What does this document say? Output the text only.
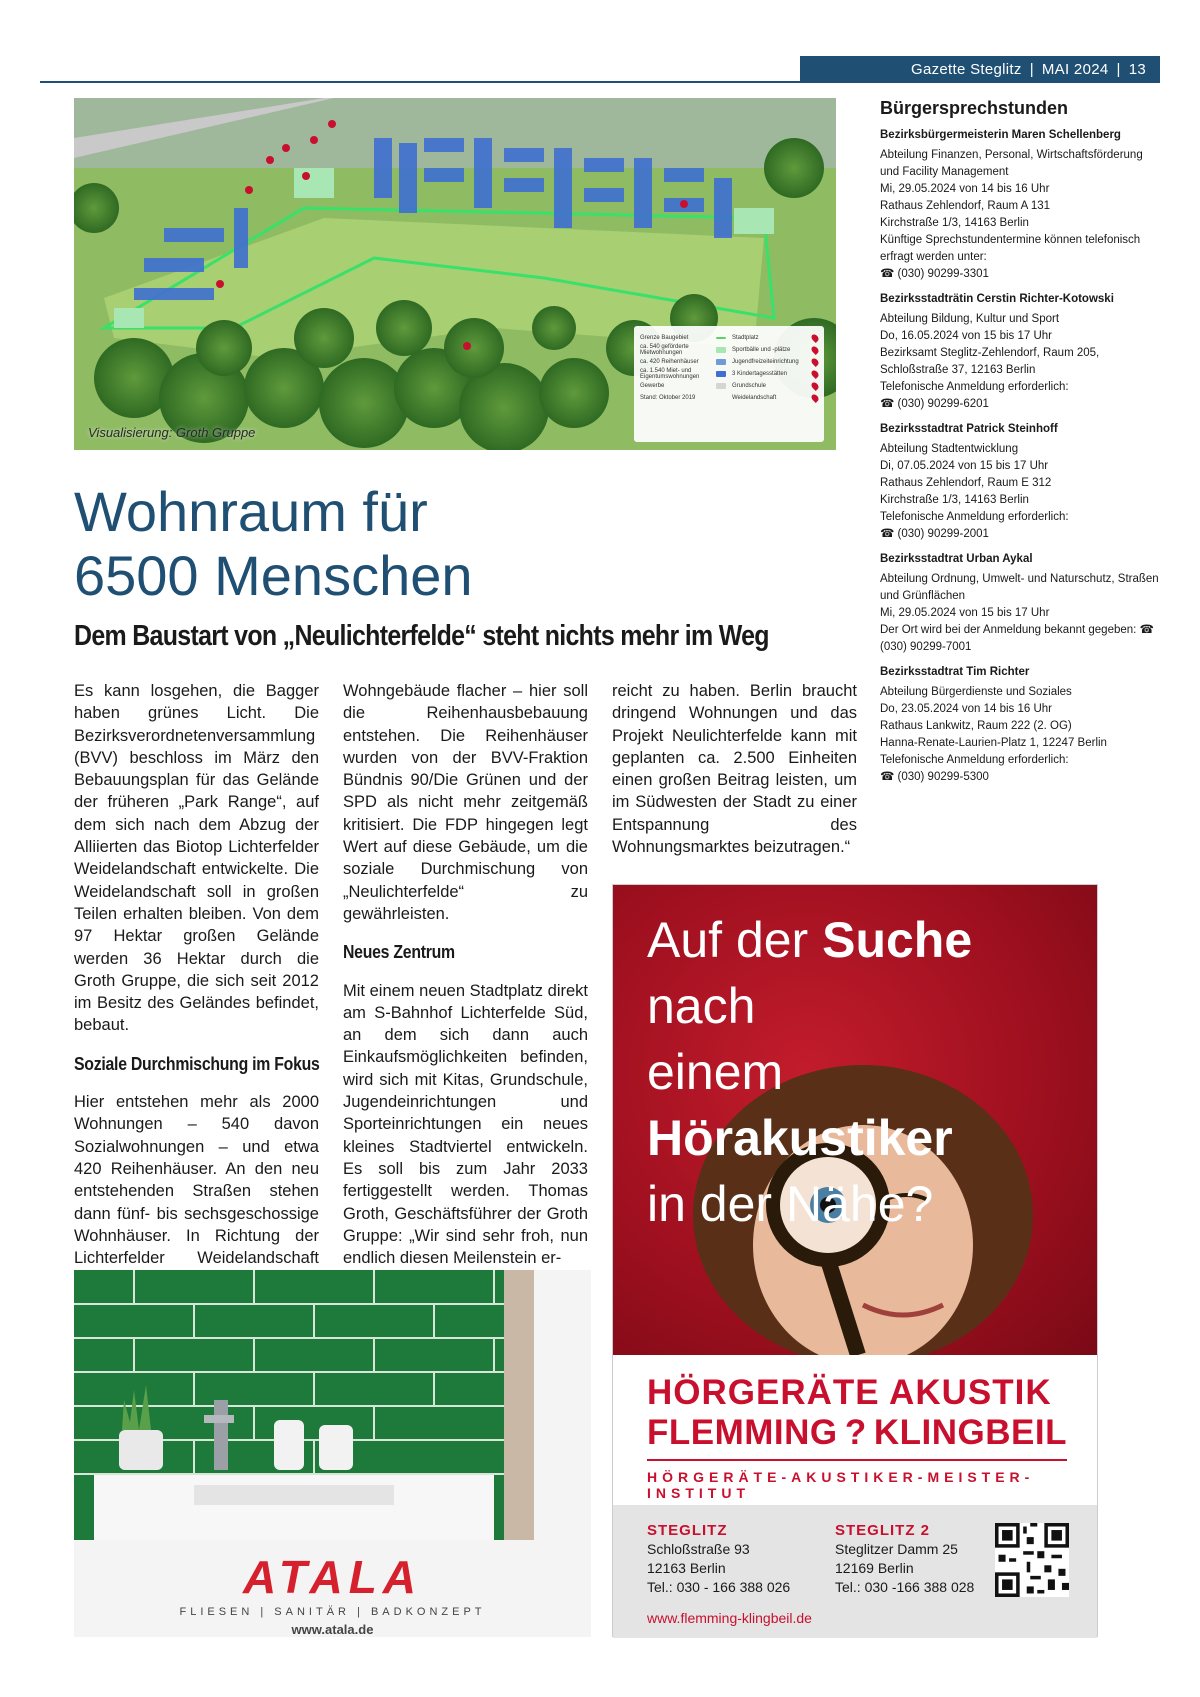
Gazette Steglitz | MAI 2024 | 13
Grenze Baugebiet
ca. 540 geförderte Mietwohnungen
ca. 420 Reihenhäuser
ca. 1.540 Miet- und Eigentumswohnungen
Gewerbe
Stand: Oktober 2019
Stadtplatz
Sportbälle und -plätze
Jugendfreizeiteinrichtung
3 Kindertagesstätten
Grundschule
Weidelandschaft
Visualisierung: Groth Gruppe
Wohnraum für
6500 Menschen
Dem Baustart von „Neulichterfelde“ steht nichts mehr im Weg

Es kann losgehen, die Bagger haben grünes Licht. Die Bezirksverordnetenversammlung (BVV) beschloss im März den Bebauungsplan für das Gelände der früheren „Park Range“, auf dem sich nach dem Abzug der Alliierten das Biotop Lichterfelder Weidelandschaft entwickelte. Die Weidelandschaft soll in großen Teilen erhalten bleiben. Von dem 97 Hektar großen Gelände werden 36 Hektar durch die Groth Gruppe, die sich seit 2012 im Besitz des Geländes befindet, bebaut.

Soziale Durchmischung im Fokus

Hier entstehen mehr als 2000 Wohnungen – 540 davon Sozialwohnungen – und etwa 420 Reihenhäuser. An den neu entstehenden Straßen stehen dann fünf- bis sechsgeschossige Wohnhäuser. In Richtung der Lichterfelder Weidelandschaft

Wohngebäude flacher – hier soll die Reihenhausbebauung entstehen. Die Reihenhäuser wurden von der BVV-Fraktion Bündnis 90/Die Grünen und der SPD als nicht mehr zeitgemäß kritisiert. Die FDP hingegen legt Wert auf diese Gebäude, um die soziale Durchmischung von „Neulichterfelde“ zu gewährleisten.

Neues Zentrum

Mit einem neuen Stadtplatz direkt am S-Bahnhof Lichterfelde Süd, an dem sich dann auch Einkaufsmöglichkeiten befinden, wird sich mit Kitas, Grundschule, Jugendeinrichtungen und Sporteinrichtungen ein neues kleines Stadtviertel entwickeln. Es soll bis zum Jahr 2033 fertiggestellt werden. Thomas Groth, Geschäftsführer der Groth Gruppe: „Wir sind sehr froh, nun endlich diesen Meilenstein er-

reicht zu haben. Berlin braucht dringend Wohnungen und das Projekt Neulichterfelde kann mit geplanten ca. 2.500 Einheiten einen großen Beitrag leisten, um im Südwesten der Stadt zu einer Entspannung des Wohnungsmarktes beizutragen.“

Bürgersprechstunden
Bezirksbürgermeisterin Maren Schellenberg
Abteilung Finanzen, Personal, Wirtschaftsförderung und Facility Management
Mi, 29.05.2024 von 14 bis 16 Uhr
Rathaus Zehlendorf, Raum A 131
Kirchstraße 1/3, 14163 Berlin
Künftige Sprechstundentermine können telefonisch erfragt werden unter:
☎ (030) 90299-3301
Bezirksstadträtin Cerstin Richter-Kotowski
Abteilung Bildung, Kultur und Sport
Do, 16.05.2024 von 15 bis 17 Uhr
Bezirksamt Steglitz-Zehlendorf, Raum 205, Schloßstraße 37, 12163 Berlin
Telefonische Anmeldung erforderlich:
☎ (030) 90299-6201
Bezirksstadtrat Patrick Steinhoff
Abteilung Stadtentwicklung
Di, 07.05.2024 von 15 bis 17 Uhr
Rathaus Zehlendorf, Raum E 312
Kirchstraße 1/3, 14163 Berlin
Telefonische Anmeldung erforderlich:
☎ (030) 90299-2001
Bezirksstadtrat Urban Aykal
Abteilung Ordnung, Umwelt- und Naturschutz, Straßen und Grünflächen
Mi, 29.05.2024 von 15 bis 17 Uhr
Der Ort wird bei der Anmeldung bekannt gegeben: ☎ (030) 90299-7001
Bezirksstadtrat Tim Richter
Abteilung Bürgerdienste und Soziales
Do, 23.05.2024 von 14 bis 16 Uhr
Rathaus Lankwitz, Raum 222 (2. OG)
Hanna-Renate-Laurien-Platz 1, 12247 Berlin
Telefonische Anmeldung erforderlich:
☎ (030) 90299-5300
Auf der Suche nach
einem Hörakustiker
in der Nähe?
HÖRGERÄTE AKUSTIK
FLEMMING ? KLINGBEIL
HÖRGERÄTE-AKUSTIKER-MEISTER-INSTITUT
STEGLITZ
Schloßstraße 93
12163 Berlin
Tel.: 030 - 166 388 026
STEGLITZ 2
Steglitzer Damm 25
12169 Berlin
Tel.: 030 -166 388 028
www.flemming-klingbeil.de
ATALA
FLIESEN | SANITÄR | BADKONZEPT
www.atala.de
